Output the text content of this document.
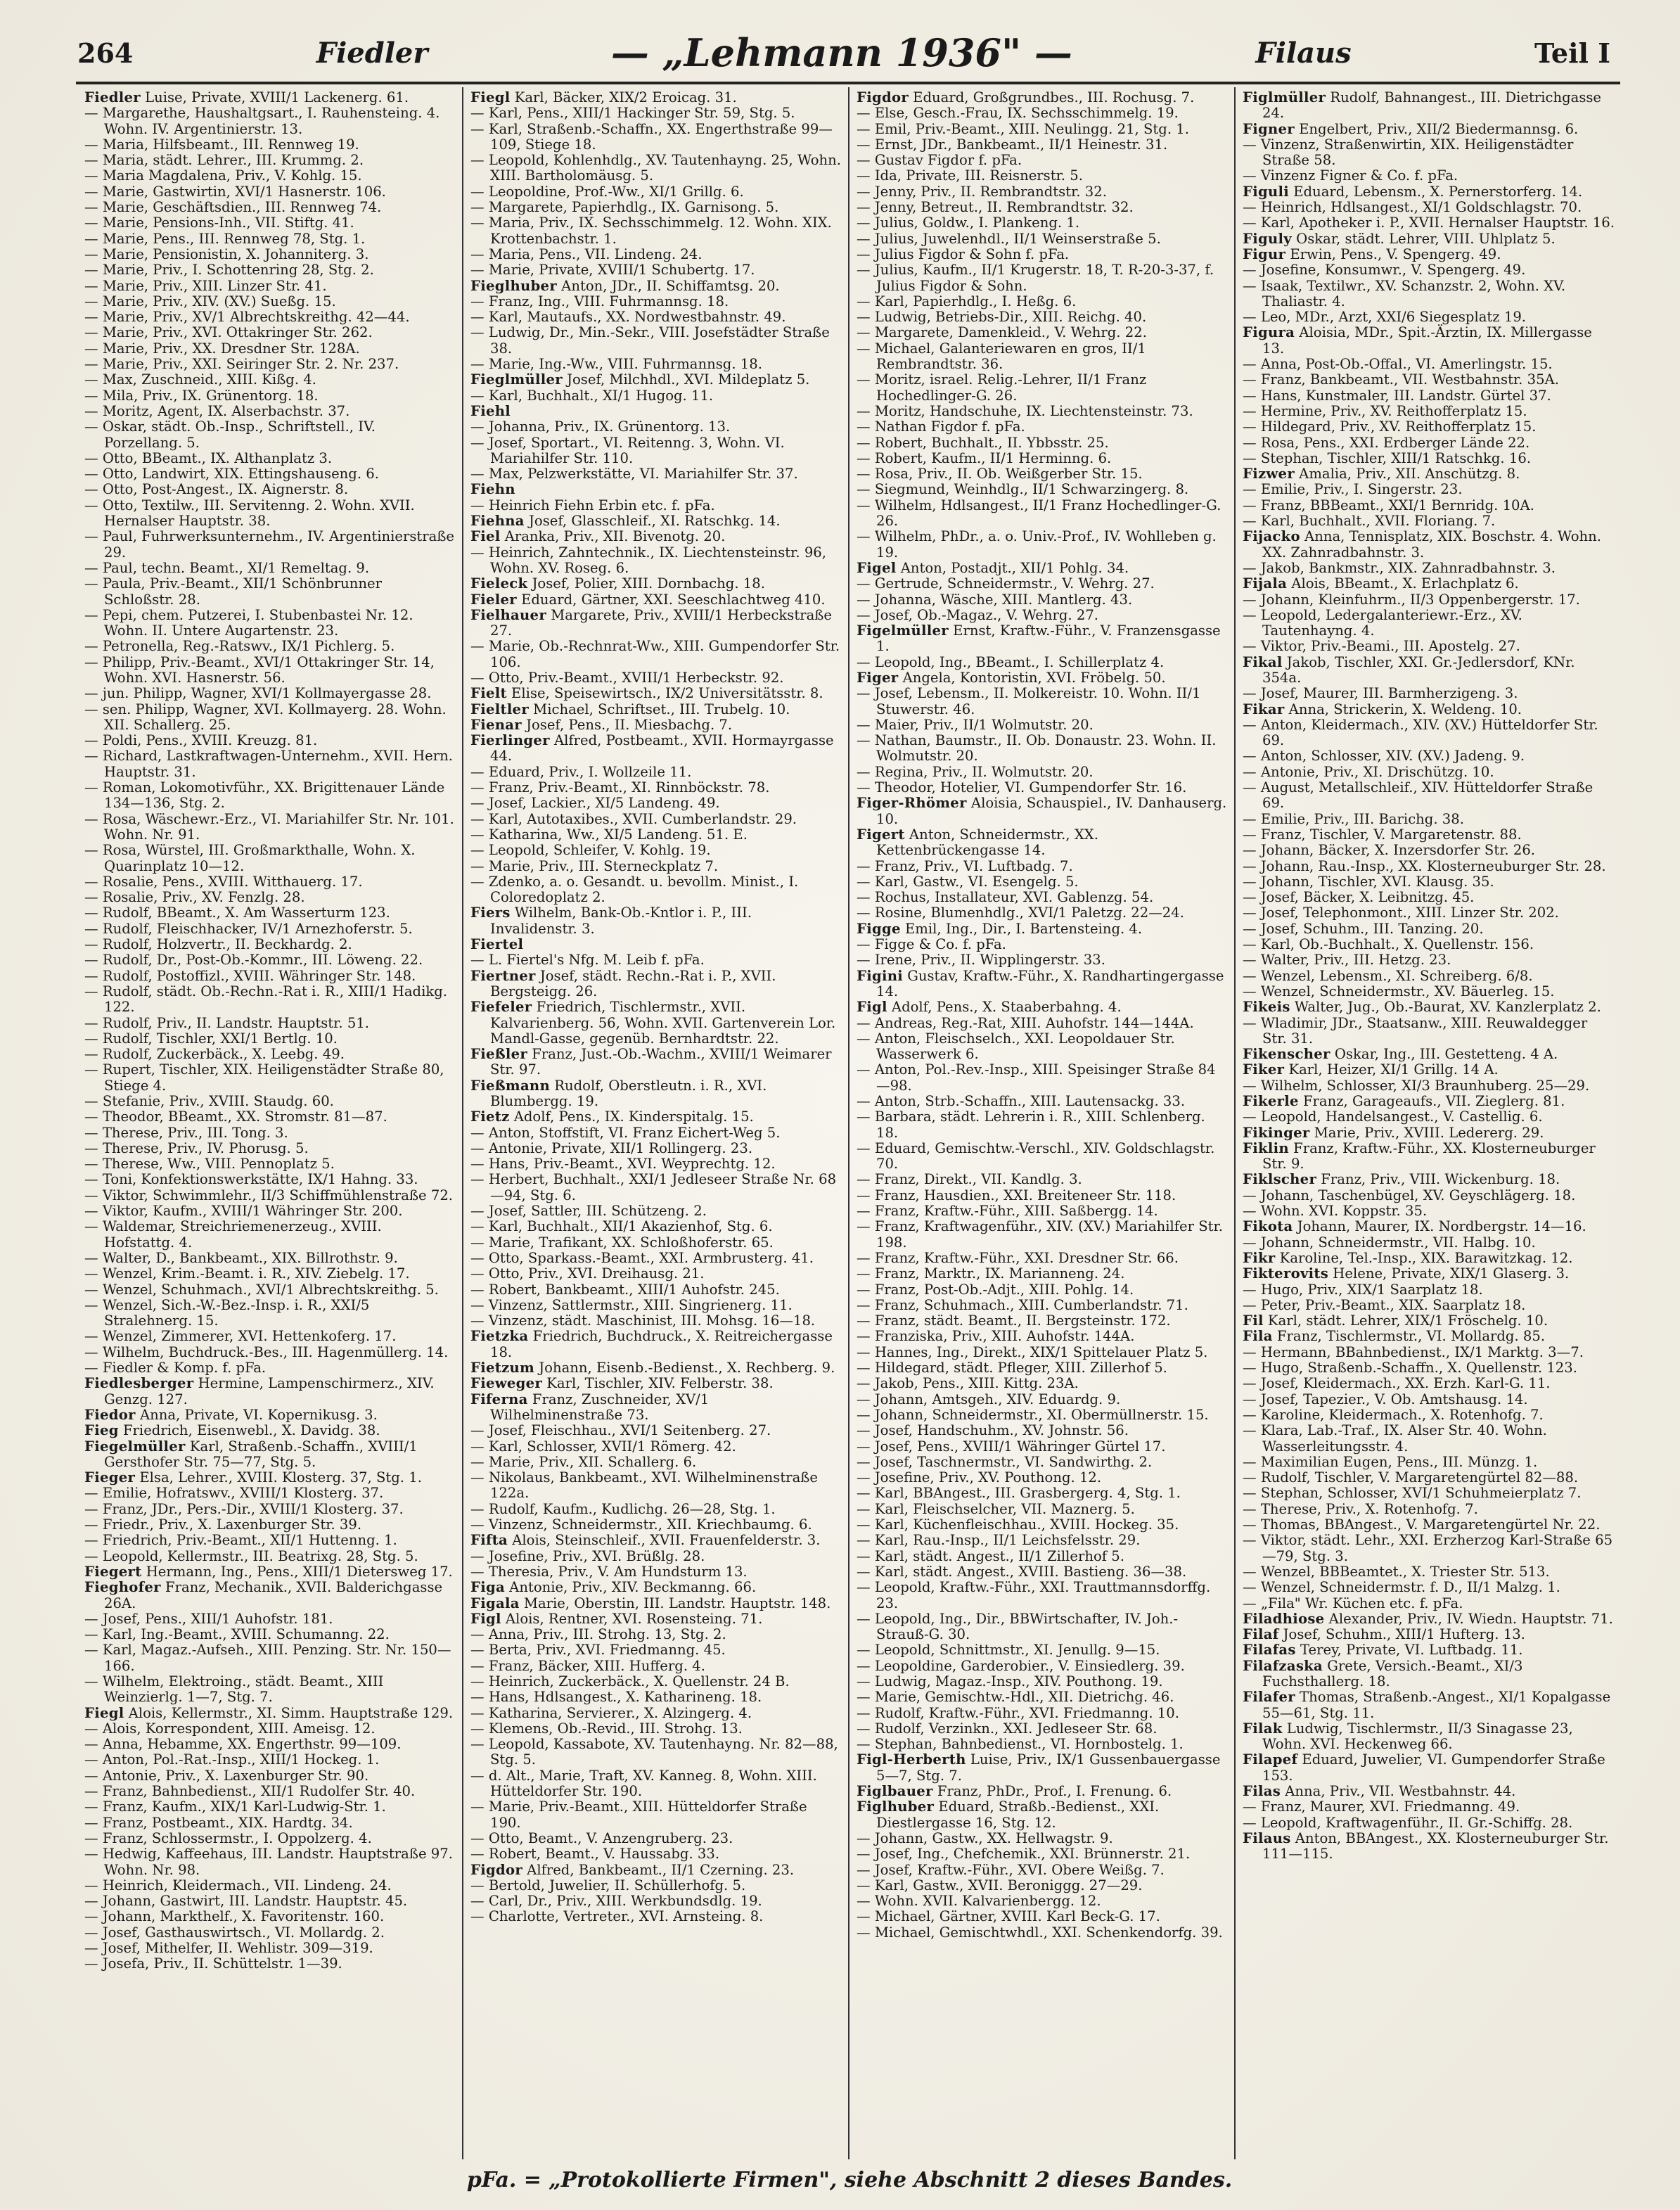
264	Fiedler	— „Lehmann 1936" —	Filaus	Teil I

Fiedler Luise, Private, XVIII/1 Lackenerg. 61.

— Margarethe, Haushaltgsart., I. Rauhensteing. 4. Wohn. IV. Argentinierstr. 13.

— Maria, Hilfsbeamt., III. Rennweg 19.

— Maria, städt. Lehrer., III. Krummg. 2.

— Maria Magdalena, Priv., V. Kohlg. 15.

— Marie, Gastwirtin, XVI/1 Hasnerstr. 106.

— Marie, Geschäftsdien., III. Rennweg 74.

— Marie, Pensions-Inh., VII. Stiftg. 41.

— Marie, Pens., III. Rennweg 78, Stg. 1.

— Marie, Pensionistin, X. Johanniterg. 3.

— Marie, Priv., I. Schottenring 28, Stg. 2.

— Marie, Priv., XIII. Linzer Str. 41.

— Marie, Priv., XIV. (XV.) Sueßg. 15.

— Marie, Priv., XV/1 Albrechtskreithg. 42—44.

— Marie, Priv., XVI. Ottakringer Str. 262.

— Marie, Priv., XX. Dresdner Str. 128A.

— Marie, Priv., XXI. Seiringer Str. 2. Nr. 237.

— Max, Zuschneid., XIII. Kißg. 4.

— Mila, Priv., IX. Grünentorg. 18.

— Moritz, Agent, IX. Alserbachstr. 37.

— Oskar, städt. Ob.-Insp., Schriftstell., IV. Porzellang. 5.

— Otto, BBeamt., IX. Althanplatz 3.

— Otto, Landwirt, XIX. Ettingshauseng. 6.

— Otto, Post-Angest., IX. Aignerstr. 8.

— Otto, Textilw., III. Servitenng. 2. Wohn. XVII. Hernalser Hauptstr. 38.

— Paul, Fuhrwerksunternehm., IV. Argentinierstraße 29.

— Paul, techn. Beamt., XI/1 Remeltag. 9.

— Paula, Priv.-Beamt., XII/1 Schönbrunner Schloßstr. 28.

— Pepi, chem. Putzerei, I. Stubenbastei Nr. 12. Wohn. II. Untere Augartenstr. 23.

— Petronella, Reg.-Ratswv., IX/1 Pichlerg. 5.

— Philipp, Priv.-Beamt., XVI/1 Ottakringer Str. 14, Wohn. XVI. Hasnerstr. 56.

— jun. Philipp, Wagner, XVI/1 Kollmayergasse 28.

— sen. Philipp, Wagner, XVI. Kollmayerg. 28. Wohn. XII. Schallerg. 25.

— Poldi, Pens., XVIII. Kreuzg. 81.

— Richard, Lastkraftwagen-Unternehm., XVII. Hern. Hauptstr. 31.

— Roman, Lokomotivführ., XX. Brigittenauer Lände 134—136, Stg. 2.

— Rosa, Wäschewr.-Erz., VI. Mariahilfer Str. Nr. 101. Wohn. Nr. 91.

— Rosa, Würstel, III. Großmarkthalle, Wohn. X. Quarinplatz 10—12.

— Rosalie, Pens., XVIII. Witthauerg. 17.

— Rosalie, Priv., XV. Fenzlg. 28.

— Rudolf, BBeamt., X. Am Wasserturm 123.

— Rudolf, Fleischhacker, IV/1 Arnezhoferstr. 5.

— Rudolf, Holzvertr., II. Beckhardg. 2.

— Rudolf, Dr., Post-Ob.-Kommr., III. Löweng. 22.

— Rudolf, Postoffizl., XVIII. Währinger Str. 148.

— Rudolf, städt. Ob.-Rechn.-Rat i. R., XIII/1 Hadikg. 122.

— Rudolf, Priv., II. Landstr. Hauptstr. 51.

— Rudolf, Tischler, XXI/1 Bertlg. 10.

— Rudolf, Zuckerbäck., X. Leebg. 49.

— Rupert, Tischler, XIX. Heiligenstädter Straße 80, Stiege 4.

— Stefanie, Priv., XVIII. Staudg. 60.

— Theodor, BBeamt., XX. Stromstr. 81—87.

— Therese, Priv., III. Tong. 3.

— Therese, Priv., IV. Phorusg. 5.

— Therese, Ww., VIII. Pennoplatz 5.

— Toni, Konfektionswerkstätte, IX/1 Hahng. 33.

— Viktor, Schwimmlehr., II/3 Schiffmühlenstraße 72.

— Viktor, Kaufm., XVIII/1 Währinger Str. 200.

— Waldemar, Streichriemenerzeug., XVIII. Hofstattg. 4.

— Walter, D., Bankbeamt., XIX. Billrothstr. 9.

— Wenzel, Krim.-Beamt. i. R., XIV. Ziebelg. 17.

— Wenzel, Schuhmach., XVI/1 Albrechtskreithg. 5.

— Wenzel, Sich.-W.-Bez.-Insp. i. R., XXI/5 Stralehnerg. 15.

— Wenzel, Zimmerer, XVI. Hettenkoferg. 17.

— Wilhelm, Buchdruck.-Bes., III. Hagenmüllerg. 14.

— Fiedler & Komp. f. pFa.

Fiedlesberger Hermine, Lampenschirmerz., XIV. Genzg. 127.

Fiedor Anna, Private, VI. Kopernikusg. 3.

Fieg Friedrich, Eisenwebl., X. Davidg. 38.

Fiegelmüller Karl, Straßenb.-Schaffn., XVIII/1 Gersthofer Str. 75—77, Stg. 5.

Fieger Elsa, Lehrer., XVIII. Klosterg. 37, Stg. 1.

— Emilie, Hofratswv., XVIII/1 Klosterg. 37.

— Franz, JDr., Pers.-Dir., XVIII/1 Klosterg. 37.

— Friedr., Priv., X. Laxenburger Str. 39.

— Friedrich, Priv.-Beamt., XII/1 Huttenng. 1.

— Leopold, Kellermstr., III. Beatrixg. 28, Stg. 5.

Fiegert Hermann, Ing., Pens., XIII/1 Dietersweg 17.

Fieghofer Franz, Mechanik., XVII. Balderichgasse 26A.

— Josef, Pens., XIII/1 Auhofstr. 181.

— Karl, Ing.-Beamt., XVIII. Schumanng. 22.

— Karl, Magaz.-Aufseh., XIII. Penzing. Str. Nr. 150—166.

— Wilhelm, Elektroing., städt. Beamt., XIII Weinzierlg. 1—7, Stg. 7.

Fiegl Alois, Kellermstr., XI. Simm. Hauptstraße 129.

— Alois, Korrespondent, XIII. Ameisg. 12.

— Anna, Hebamme, XX. Engerthstr. 99—109.

— Anton, Pol.-Rat.-Insp., XIII/1 Hockeg. 1.

— Antonie, Priv., X. Laxenburger Str. 90.

— Franz, Bahnbedienst., XII/1 Rudolfer Str. 40.

— Franz, Kaufm., XIX/1 Karl-Ludwig-Str. 1.

— Franz, Postbeamt., XIX. Hardtg. 34.

— Franz, Schlossermstr., I. Oppolzerg. 4.

— Hedwig, Kaffeehaus, III. Landstr. Hauptstraße 97. Wohn. Nr. 98.

— Heinrich, Kleidermach., VII. Lindeng. 24.

— Johann, Gastwirt, III. Landstr. Hauptstr. 45.

— Johann, Markthelf., X. Favoritenstr. 160.

— Josef, Gasthauswirtsch., VI. Mollardg. 2.

— Josef, Mithelfer, II. Wehlistr. 309—319.

— Josefa, Priv., II. Schüttelstr. 1—39.

Fiegl Karl, Bäcker, XIX/2 Eroicag. 31.

— Karl, Pens., XIII/1 Hackinger Str. 59, Stg. 5.

— Karl, Straßenb.-Schaffn., XX. Engerthstraße 99—109, Stiege 18.

— Leopold, Kohlenhdlg., XV. Tautenhayng. 25, Wohn. XIII. Bartholomäusg. 5.

— Leopoldine, Prof.-Ww., XI/1 Grillg. 6.

— Margarete, Papierhdlg., IX. Garnisong. 5.

— Maria, Priv., IX. Sechsschimmelg. 12. Wohn. XIX. Krottenbachstr. 1.

— Maria, Pens., VII. Lindeng. 24.

— Marie, Private, XVIII/1 Schubertg. 17.

Fieglhuber Anton, JDr., II. Schiffamtsg. 20.

— Franz, Ing., VIII. Fuhrmannsg. 18.

— Karl, Mautaufs., XX. Nordwestbahnstr. 49.

— Ludwig, Dr., Min.-Sekr., VIII. Josefstädter Straße 38.

— Marie, Ing.-Ww., VIII. Fuhrmannsg. 18.

Fieglmüller Josef, Milchhdl., XVI. Mildeplatz 5.

— Karl, Buchhalt., XI/1 Hugog. 11.

Fiehl

— Johanna, Priv., IX. Grünentorg. 13.

— Josef, Sportart., VI. Reitenng. 3, Wohn. VI. Mariahilfer Str. 110.

— Max, Pelzwerkstätte, VI. Mariahilfer Str. 37.

Fiehn

— Heinrich Fiehn Erbin etc. f. pFa.

Fiehna Josef, Glasschleif., XI. Ratschkg. 14.

Fiel Aranka, Priv., XII. Bivenotg. 20.

— Heinrich, Zahntechnik., IX. Liechtensteinstr. 96, Wohn. XV. Roseg. 6.

Fieleck Josef, Polier, XIII. Dornbachg. 18.

Fieler Eduard, Gärtner, XXI. Seeschlachtweg 410.

Fielhauer Margarete, Priv., XVIII/1 Herbeckstraße 27.

— Marie, Ob.-Rechnrat-Ww., XIII. Gumpendorfer Str. 106.

— Otto, Priv.-Beamt., XVIII/1 Herbeckstr. 92.

Fielt Elise, Speisewirtsch., IX/2 Universitätsstr. 8.

Fieltler Michael, Schriftset., III. Trubelg. 10.

Fienar Josef, Pens., II. Miesbachg. 7.

Fierlinger Alfred, Postbeamt., XVII. Hormayrgasse 44.

— Eduard, Priv., I. Wollzeile 11.

— Franz, Priv.-Beamt., XI. Rinnböckstr. 78.

— Josef, Lackier., XI/5 Landeng. 49.

— Karl, Autotaxibes., XVII. Cumberlandstr. 29.

— Katharina, Ww., XI/5 Landeng. 51. E.

— Leopold, Schleifer, V. Kohlg. 19.

— Marie, Priv., III. Sterneckplatz 7.

— Zdenko, a. o. Gesandt. u. bevollm. Minist., I. Coloredoplatz 2.

Fiers Wilhelm, Bank-Ob.-Kntlor i. P., III. Invalidenstr. 3.

Fiertel

— L. Fiertel's Nfg. M. Leib f. pFa.

Fiertner Josef, städt. Rechn.-Rat i. P., XVII. Bergsteigg. 26.

Fiefeler Friedrich, Tischlermstr., XVII. Kalvarienberg. 56, Wohn. XVII. Gartenverein Lor. Mandl-Gasse, gegenüb. Bernhardtstr. 22.

Fießler Franz, Just.-Ob.-Wachm., XVIII/1 Weimarer Str. 97.

Fießmann Rudolf, Oberstleutn. i. R., XVI. Blumbergg. 19.

Fietz Adolf, Pens., IX. Kinderspitalg. 15.

— Anton, Stoffstift, VI. Franz Eichert-Weg 5.

— Antonie, Private, XII/1 Rollingerg. 23.

— Hans, Priv.-Beamt., XVI. Weyprechtg. 12.

— Herbert, Buchhalt., XXI/1 Jedleseer Straße Nr. 68—94, Stg. 6.

— Josef, Sattler, III. Schützeng. 2.

— Karl, Buchhalt., XII/1 Akazienhof, Stg. 6.

— Marie, Trafikant, XX. Schloßhoferstr. 65.

— Otto, Sparkass.-Beamt., XXI. Armbrusterg. 41.

— Otto, Priv., XVI. Dreihausg. 21.

— Robert, Bankbeamt., XIII/1 Auhofstr. 245.

— Vinzenz, Sattlermstr., XIII. Singrienerg. 11.

— Vinzenz, städt. Maschinist, III. Mohsg. 16—18.

Fietzka Friedrich, Buchdruck., X. Reitreichergasse 18.

Fietzum Johann, Eisenb.-Bedienst., X. Rechberg. 9.

Fieweger Karl, Tischler, XIV. Felberstr. 38.

Fiferna Franz, Zuschneider, XV/1 Wilhelminenstraße 73.

— Josef, Fleischhau., XVI/1 Seitenberg. 27.

— Karl, Schlosser, XVII/1 Römerg. 42.

— Marie, Priv., XII. Schallerg. 6.

— Nikolaus, Bankbeamt., XVI. Wilhelminenstraße 122a.

— Rudolf, Kaufm., Kudlichg. 26—28, Stg. 1.

— Vinzenz, Schneidermstr., XII. Kriechbaumg. 6.

Fifta Alois, Steinschleif., XVII. Frauenfelderstr. 3.

— Josefine, Priv., XVI. Brüßlg. 28.

— Theresia, Priv., V. Am Hundsturm 13.

Figa Antonie, Priv., XIV. Beckmanng. 66.

Figala Marie, Oberstin, III. Landstr. Hauptstr. 148.

Figl Alois, Rentner, XVI. Rosensteing. 71.

— Anna, Priv., III. Strohg. 13, Stg. 2.

— Berta, Priv., XVI. Friedmanng. 45.

— Franz, Bäcker, XIII. Hufferg. 4.

— Heinrich, Zuckerbäck., X. Quellenstr. 24 B.

— Hans, Hdlsangest., X. Katharineng. 18.

— Katharina, Servierer., X. Alzingerg. 4.

— Klemens, Ob.-Revid., III. Strohg. 13.

— Leopold, Kassabote, XV. Tautenhayng. Nr. 82—88, Stg. 5.

— d. Alt., Marie, Traft, XV. Kanneg. 8, Wohn. XIII. Hütteldorfer Str. 190.

— Marie, Priv.-Beamt., XIII. Hütteldorfer Straße 190.

— Otto, Beamt., V. Anzengruberg. 23.

— Robert, Beamt., V. Haussabg. 33.

Figdor Alfred, Bankbeamt., II/1 Czerning. 23.

— Bertold, Juwelier, II. Schüllerhofg. 5.

— Carl, Dr., Priv., XIII. Werkbundsdlg. 19.

— Charlotte, Vertreter., XVI. Arnsteing. 8.

Figdor Eduard, Großgrundbes., III. Rochusg. 7.

— Else, Gesch.-Frau, IX. Sechsschimmelg. 19.

— Emil, Priv.-Beamt., XIII. Neulingg. 21, Stg. 1.

— Ernst, JDr., Bankbeamt., II/1 Heinestr. 31.

— Gustav Figdor f. pFa.

— Ida, Private, III. Reisnerstr. 5.

— Jenny, Priv., II. Rembrandtstr. 32.

— Jenny, Betreut., II. Rembrandtstr. 32.

— Julius, Goldw., I. Plankeng. 1.

— Julius, Juwelenhdl., II/1 Weinserstraße 5.

— Julius Figdor & Sohn f. pFa.

— Julius, Kaufm., II/1 Krugerstr. 18, T. R-20-3-37, f. Julius Figdor & Sohn.

— Karl, Papierhdlg., I. Heßg. 6.

— Ludwig, Betriebs-Dir., XIII. Reichg. 40.

— Margarete, Damenkleid., V. Wehrg. 22.

— Michael, Galanteriewaren en gros, II/1 Rembrandtstr. 36.

— Moritz, israel. Relig.-Lehrer, II/1 Franz Hochedlinger-G. 26.

— Moritz, Handschuhe, IX. Liechtensteinstr. 73.

— Nathan Figdor f. pFa.

— Robert, Buchhalt., II. Ybbsstr. 25.

— Robert, Kaufm., II/1 Herminng. 6.

— Rosa, Priv., II. Ob. Weißgerber Str. 15.

— Siegmund, Weinhdlg., II/1 Schwarzingerg. 8.

— Wilhelm, Hdlsangest., II/1 Franz Hochedlinger-G. 26.

— Wilhelm, PhDr., a. o. Univ.-Prof., IV. Wohlleben g. 19.

Figel Anton, Postadjt., XII/1 Pohlg. 34.

— Gertrude, Schneidermstr., V. Wehrg. 27.

— Johanna, Wäsche, XIII. Mantlerg. 43.

— Josef, Ob.-Magaz., V. Wehrg. 27.

Figelmüller Ernst, Kraftw.-Führ., V. Franzensgasse 1.

— Leopold, Ing., BBeamt., I. Schillerplatz 4.

Figer Angela, Kontoristin, XVI. Fröbelg. 50.

— Josef, Lebensm., II. Molkereistr. 10. Wohn. II/1 Stuwerstr. 46.

— Maier, Priv., II/1 Wolmutstr. 20.

— Nathan, Baumstr., II. Ob. Donaustr. 23. Wohn. II. Wolmutstr. 20.

— Regina, Priv., II. Wolmutstr. 20.

— Theodor, Hotelier, VI. Gumpendorfer Str. 16.

Figer-Rhömer Aloisia, Schauspiel., IV. Danhauserg. 10.

Figert Anton, Schneidermstr., XX. Kettenbrückengasse 14.

— Franz, Priv., VI. Luftbadg. 7.

— Karl, Gastw., VI. Esengelg. 5.

— Rochus, Installateur, XVI. Gablenzg. 54.

— Rosine, Blumenhdlg., XVI/1 Paletzg. 22—24.

Figge Emil, Ing., Dir., I. Bartensteing. 4.

— Figge & Co. f. pFa.

— Irene, Priv., II. Wipplingerstr. 33.

Figini Gustav, Kraftw.-Führ., X. Randhartingergasse 14.

Figl Adolf, Pens., X. Staaberbahng. 4.

— Andreas, Reg.-Rat, XIII. Auhofstr. 144—144A.

— Anton, Fleischselch., XXI. Leopoldauer Str. Wasserwerk 6.

— Anton, Pol.-Rev.-Insp., XIII. Speisinger Straße 84—98.

— Anton, Strb.-Schaffn., XIII. Lautensackg. 33.

— Barbara, städt. Lehrerin i. R., XIII. Schlenberg. 18.

— Eduard, Gemischtw.-Verschl., XIV. Goldschlagstr. 70.

— Franz, Direkt., VII. Kandlg. 3.

— Franz, Hausdien., XXI. Breiteneer Str. 118.

— Franz, Kraftw.-Führ., XIII. Saßbergg. 14.

— Franz, Kraftwagenführ., XIV. (XV.) Mariahilfer Str. 198.

— Franz, Kraftw.-Führ., XXI. Dresdner Str. 66.

— Franz, Marktr., IX. Marianneng. 24.

— Franz, Post-Ob.-Adjt., XIII. Pohlg. 14.

— Franz, Schuhmach., XIII. Cumberlandstr. 71.

— Franz, städt. Beamt., II. Bergsteinstr. 172.

— Franziska, Priv., XIII. Auhofstr. 144A.

— Hannes, Ing., Direkt., XIX/1 Spittelauer Platz 5.

— Hildegard, städt. Pfleger, XIII. Zillerhof 5.

— Jakob, Pens., XIII. Kittg. 23A.

— Johann, Amtsgeh., XIV. Eduardg. 9.

— Johann, Schneidermstr., XI. Obermüllnerstr. 15.

— Josef, Handschuhm., XV. Johnstr. 56.

— Josef, Pens., XVIII/1 Währinger Gürtel 17.

— Josef, Taschnermstr., VI. Sandwirthg. 2.

— Josefine, Priv., XV. Pouthong. 12.

— Karl, BBAngest., III. Grasbergerg. 4, Stg. 1.

— Karl, Fleischselcher, VII. Maznerg. 5.

— Karl, Küchenfleischhau., XVIII. Hockeg. 35.

— Karl, Rau.-Insp., II/1 Leichsfelsstr. 29.

— Karl, städt. Angest., II/1 Zillerhof 5.

— Karl, städt. Angest., XVIII. Bastieng. 36—38.

— Leopold, Kraftw.-Führ., XXI. Trauttmannsdorffg. 23.

— Leopold, Ing., Dir., BBWirtschafter, IV. Joh.-Strauß-G. 30.

— Leopold, Schnittmstr., XI. Jenullg. 9—15.

— Leopoldine, Garderobier., V. Einsiedlerg. 39.

— Ludwig, Magaz.-Insp., XIV. Pouthong. 19.

— Marie, Gemischtw.-Hdl., XII. Dietrichg. 46.

— Rudolf, Kraftw.-Führ., XVI. Friedmanng. 10.

— Rudolf, Verzinkn., XXI. Jedleseer Str. 68.

— Stephan, Bahnbedienst., VI. Hornbostelg. 1.

Figl-Herberth Luise, Priv., IX/1 Gussenbauergasse 5—7, Stg. 7.

Figlbauer Franz, PhDr., Prof., I. Frenung. 6.

Figlhuber Eduard, Straßb.-Bedienst., XXI. Diestlergasse 16, Stg. 12.

— Johann, Gastw., XX. Hellwagstr. 9.

— Josef, Ing., Chefchemik., XXI. Brünnerstr. 21.

— Josef, Kraftw.-Führ., XVI. Obere Weißg. 7.

— Karl, Gastw., XVII. Beroniggg. 27—29.

— Wohn. XVII. Kalvarienbergg. 12.

— Michael, Gärtner, XVIII. Karl Beck-G. 17.

— Michael, Gemischtwhdl., XXI. Schenkendorfg. 39.

Figlmüller Rudolf, Bahnangest., III. Dietrichgasse 24.

Figner Engelbert, Priv., XII/2 Biedermannsg. 6.

— Vinzenz, Straßenwirtin, XIX. Heiligenstädter Straße 58.

— Vinzenz Figner & Co. f. pFa.

Figuli Eduard, Lebensm., X. Pernerstorferg. 14.

— Heinrich, Hdlsangest., XI/1 Goldschlagstr. 70.

— Karl, Apotheker i. P., XVII. Hernalser Hauptstr. 16.

Figuly Oskar, städt. Lehrer, VIII. Uhlplatz 5.

Figur Erwin, Pens., V. Spengerg. 49.

— Josefine, Konsumwr., V. Spengerg. 49.

— Isaak, Textilwr., XV. Schanzstr. 2, Wohn. XV. Thaliastr. 4.

— Leo, MDr., Arzt, XXI/6 Siegesplatz 19.

Figura Aloisia, MDr., Spit.-Ärztin, IX. Millergasse 13.

— Anna, Post-Ob.-Offal., VI. Amerlingstr. 15.

— Franz, Bankbeamt., VII. Westbahnstr. 35A.

— Hans, Kunstmaler, III. Landstr. Gürtel 37.

— Hermine, Priv., XV. Reithofferplatz 15.

— Hildegard, Priv., XV. Reithofferplatz 15.

— Rosa, Pens., XXI. Erdberger Lände 22.

— Stephan, Tischler, XIII/1 Ratschkg. 16.

Fizwer Amalia, Priv., XII. Anschützg. 8.

— Emilie, Priv., I. Singerstr. 23.

— Franz, BBBeamt., XXI/1 Bernridg. 10A.

— Karl, Buchhalt., XVII. Floriang. 7.

Fijacko Anna, Tennisplatz, XIX. Boschstr. 4. Wohn. XX. Zahnradbahnstr. 3.

— Jakob, Bankmstr., XIX. Zahnradbahnstr. 3.

Fijala Alois, BBeamt., X. Erlachplatz 6.

— Johann, Kleinfuhrm., II/3 Oppenbergerstr. 17.

— Leopold, Ledergalanteriewr.-Erz., XV. Tautenhayng. 4.

— Viktor, Priv.-Beami., III. Apostelg. 27.

Fikal Jakob, Tischler, XXI. Gr.-Jedlersdorf, KNr. 354a.

— Josef, Maurer, III. Barmherzigeng. 3.

Fikar Anna, Strickerin, X. Weldeng. 10.

— Anton, Kleidermach., XIV. (XV.) Hütteldorfer Str. 69.

— Anton, Schlosser, XIV. (XV.) Jadeng. 9.

— Antonie, Priv., XI. Drischützg. 10.

— August, Metallschleif., XIV. Hütteldorfer Straße 69.

— Emilie, Priv., III. Barichg. 38.

— Franz, Tischler, V. Margaretenstr. 88.

— Johann, Bäcker, X. Inzersdorfer Str. 26.

— Johann, Rau.-Insp., XX. Klosterneuburger Str. 28.

— Johann, Tischler, XVI. Klausg. 35.

— Josef, Bäcker, X. Leibnitzg. 45.

— Josef, Telephonmont., XIII. Linzer Str. 202.

— Josef, Schuhm., III. Tanzing. 20.

— Karl, Ob.-Buchhalt., X. Quellenstr. 156.

— Walter, Priv., III. Hetzg. 23.

— Wenzel, Lebensm., XI. Schreiberg. 6/8.

— Wenzel, Schneidermstr., XV. Bäuerleg. 15.

Fikeis Walter, Jug., Ob.-Baurat, XV. Kanzlerplatz 2.

— Wladimir, JDr., Staatsanw., XIII. Reuwaldegger Str. 31.

Fikenscher Oskar, Ing., III. Gestetteng. 4 A.

Fiker Karl, Heizer, XI/1 Grillg. 14 A.

— Wilhelm, Schlosser, XI/3 Braunhuberg. 25—29.

Fikerle Franz, Garageaufs., VII. Zieglerg. 81.

— Leopold, Handelsangest., V. Castellig. 6.

Fikinger Marie, Priv., XVIII. Ledererg. 29.

Fiklin Franz, Kraftw.-Führ., XX. Klosterneuburger Str. 9.

Fiklscher Franz, Priv., VIII. Wickenburg. 18.

— Johann, Taschenbügel, XV. Geyschlägerg. 18.

— Wohn. XVI. Koppstr. 35.

Fikota Johann, Maurer, IX. Nordbergstr. 14—16.

— Johann, Schneidermstr., VII. Halbg. 10.

Fikr Karoline, Tel.-Insp., XIX. Barawitzkag. 12.

Fikterovits Helene, Private, XIX/1 Glaserg. 3.

— Hugo, Priv., XIX/1 Saarplatz 18.

— Peter, Priv.-Beamt., XIX. Saarplatz 18.

Fil Karl, städt. Lehrer, XIX/1 Fröschelg. 10.

Fila Franz, Tischlermstr., VI. Mollardg. 85.

— Hermann, BBahnbedienst., IX/1 Marktg. 3—7.

— Hugo, Straßenb.-Schaffn., X. Quellenstr. 123.

— Josef, Kleidermach., XX. Erzh. Karl-G. 11.

— Josef, Tapezier., V. Ob. Amtshausg. 14.

— Karoline, Kleidermach., X. Rotenhofg. 7.

— Klara, Lab.-Traf., IX. Alser Str. 40. Wohn. Wasserleitungsstr. 4.

— Maximilian Eugen, Pens., III. Münzg. 1.

— Rudolf, Tischler, V. Margaretengürtel 82—88.

— Stephan, Schlosser, XVI/1 Schuhmeierplatz 7.

— Therese, Priv., X. Rotenhofg. 7.

— Thomas, BBAngest., V. Margaretengürtel Nr. 22.

— Viktor, städt. Lehr., XXI. Erzherzog Karl-Straße 65—79, Stg. 3.

— Wenzel, BBBeamtet., X. Triester Str. 513.

— Wenzel, Schneidermstr. f. D., II/1 Malzg. 1.

— „Fila" Wr. Küchen etc. f. pFa.

Filadhiose Alexander, Priv., IV. Wiedn. Hauptstr. 71.

Filaf Josef, Schuhm., XIII/1 Hufterg. 13.

Filafas Terey, Private, VI. Luftbadg. 11.

Filafzaska Grete, Versich.-Beamt., XI/3 Fuchsthallerg. 18.

Filafer Thomas, Straßenb.-Angest., XI/1 Kopalgasse 55—61, Stg. 11.

Filak Ludwig, Tischlermstr., II/3 Sinagasse 23, Wohn. XVI. Heckenweg 66.

Filapef Eduard, Juwelier, VI. Gumpendorfer Straße 153.

Filas Anna, Priv., VII. Westbahnstr. 44.

— Franz, Maurer, XVI. Friedmanng. 49.

— Leopold, Kraftwagenführ., II. Gr.-Schiffg. 28.

Filaus Anton, BBAngest., XX. Klosterneuburger Str. 111—115.

pFa. = „Protokollierte Firmen", siehe Abschnitt 2 dieses Bandes.
